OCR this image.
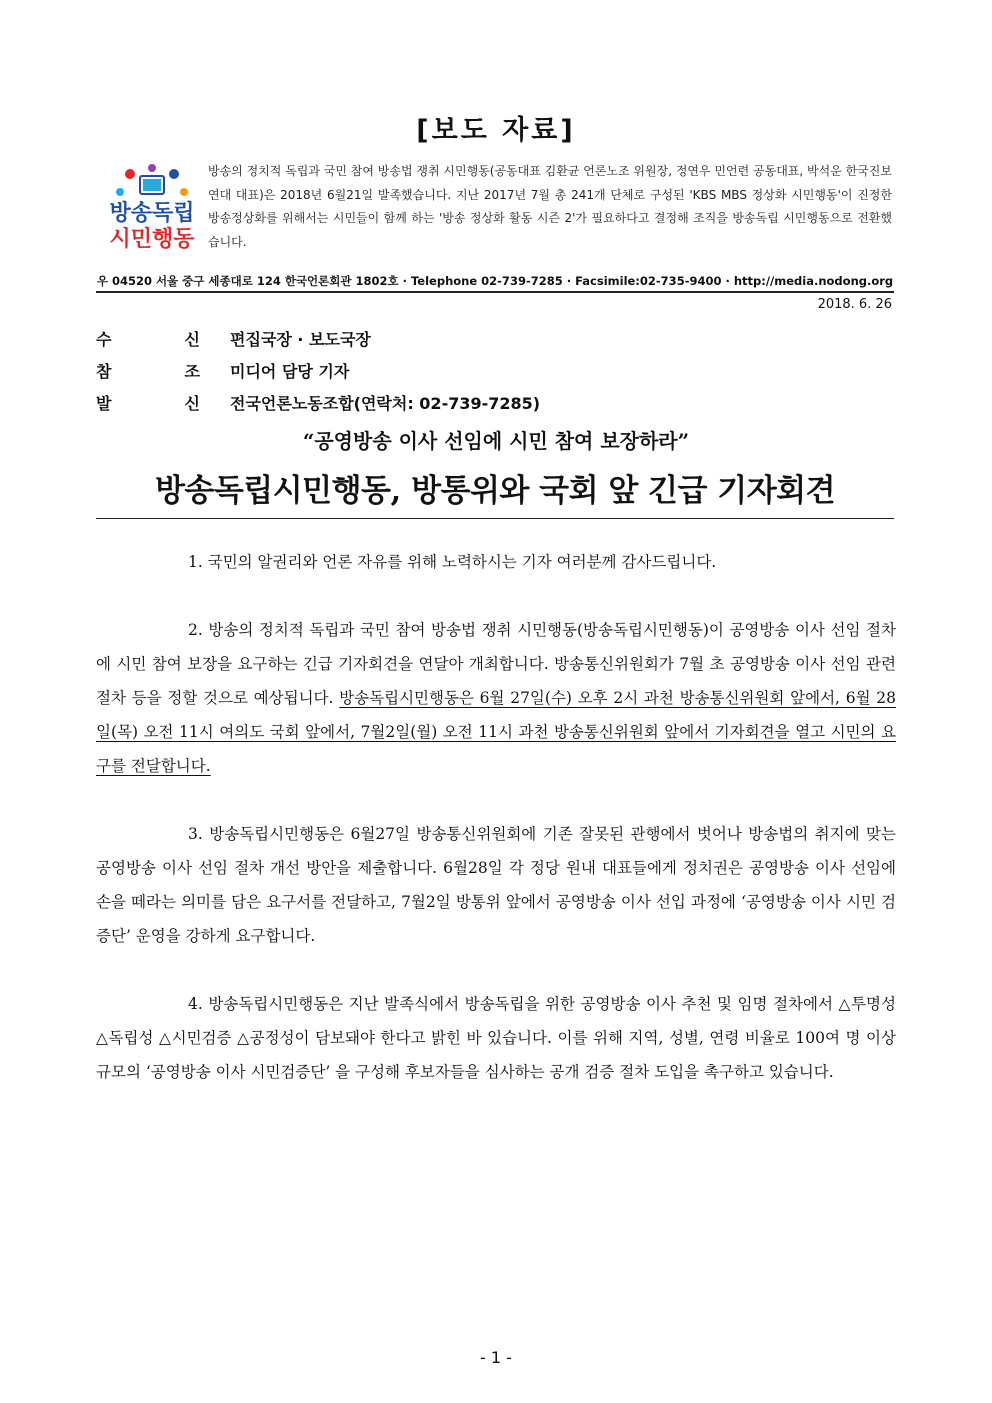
[보도 자료]
방송독립
시민행동
방송의 정치적 독립과 국민 참여 방송법 쟁취 시민행동(공동대표 김환균 언론노조 위원장, 정연우 민언련 공동대표, 박석운 한국진보연대 대표)은 2018년 6월21일 발족했습니다. 지난 2017년 7월 총 241개 단체로 구성된 'KBS MBS 정상화 시민행동'이 진정한 방송정상화를 위해서는 시민들이 함께 하는 '방송 정상화 활동 시즌 2'가 필요하다고 결정해 조직을 방송독립 시민행동으로 전환했습니다.
우 04520 서울 중구 세종대로 124 한국언론회관 1802호 · Telephone 02-739-7285 · Facsimile:02-735-9400 · http://media.nodong.org
2018. 6. 26
수	신 편집국장 · 보도국장
참	조 미디어 담당 기자
발	신 전국언론노동조합(연락처: 02-739-7285)
“공영방송 이사 선임에 시민 참여 보장하라”
방송독립시민행동, 방통위와 국회 앞 긴급 기자회견

1. 국민의 알권리와 언론 자유를 위해 노력하시는 기자 여러분께 감사드립니다.

2. 방송의 정치적 독립과 국민 참여 방송법 쟁취 시민행동(방송독립시민행동)이 공영방송 이사 선임 절차에 시민 참여 보장을 요구하는 긴급 기자회견을 연달아 개최합니다. 방송통신위원회가 7월 초 공영방송 이사 선임 관련 절차 등을 정할 것으로 예상됩니다. 방송독립시민행동은 6월 27일(수) 오후 2시 과천 방송통신위원회 앞에서, 6월 28일(목) 오전 11시 여의도 국회 앞에서, 7월2일(월) 오전 11시 과천 방송통신위원회 앞에서 기자회견을 열고 시민의 요구를 전달합니다.

3. 방송독립시민행동은 6월27일 방송통신위원회에 기존 잘못된 관행에서 벗어나 방송법의 취지에 맞는 공영방송 이사 선임 절차 개선 방안을 제출합니다. 6월28일 각 정당 원내 대표들에게 정치권은 공영방송 이사 선임에 손을 떼라는 의미를 담은 요구서를 전달하고, 7월2일 방통위 앞에서 공영방송 이사 선입 과정에 ‘공영방송 이사 시민 검증단’ 운영을 강하게 요구합니다.

4. 방송독립시민행동은 지난 발족식에서 방송독립을 위한 공영방송 이사 추천 및 임명 절차에서 △투명성 △독립성 △시민검증 △공정성이 담보돼야 한다고 밝힌 바 있습니다. 이를 위해 지역, 성별, 연령 비율로 100여 명 이상 규모의 ‘공영방송 이사 시민검증단’ 을 구성해 후보자들을 심사하는 공개 검증 절차 도입을 촉구하고 있습니다.

- 1 -
